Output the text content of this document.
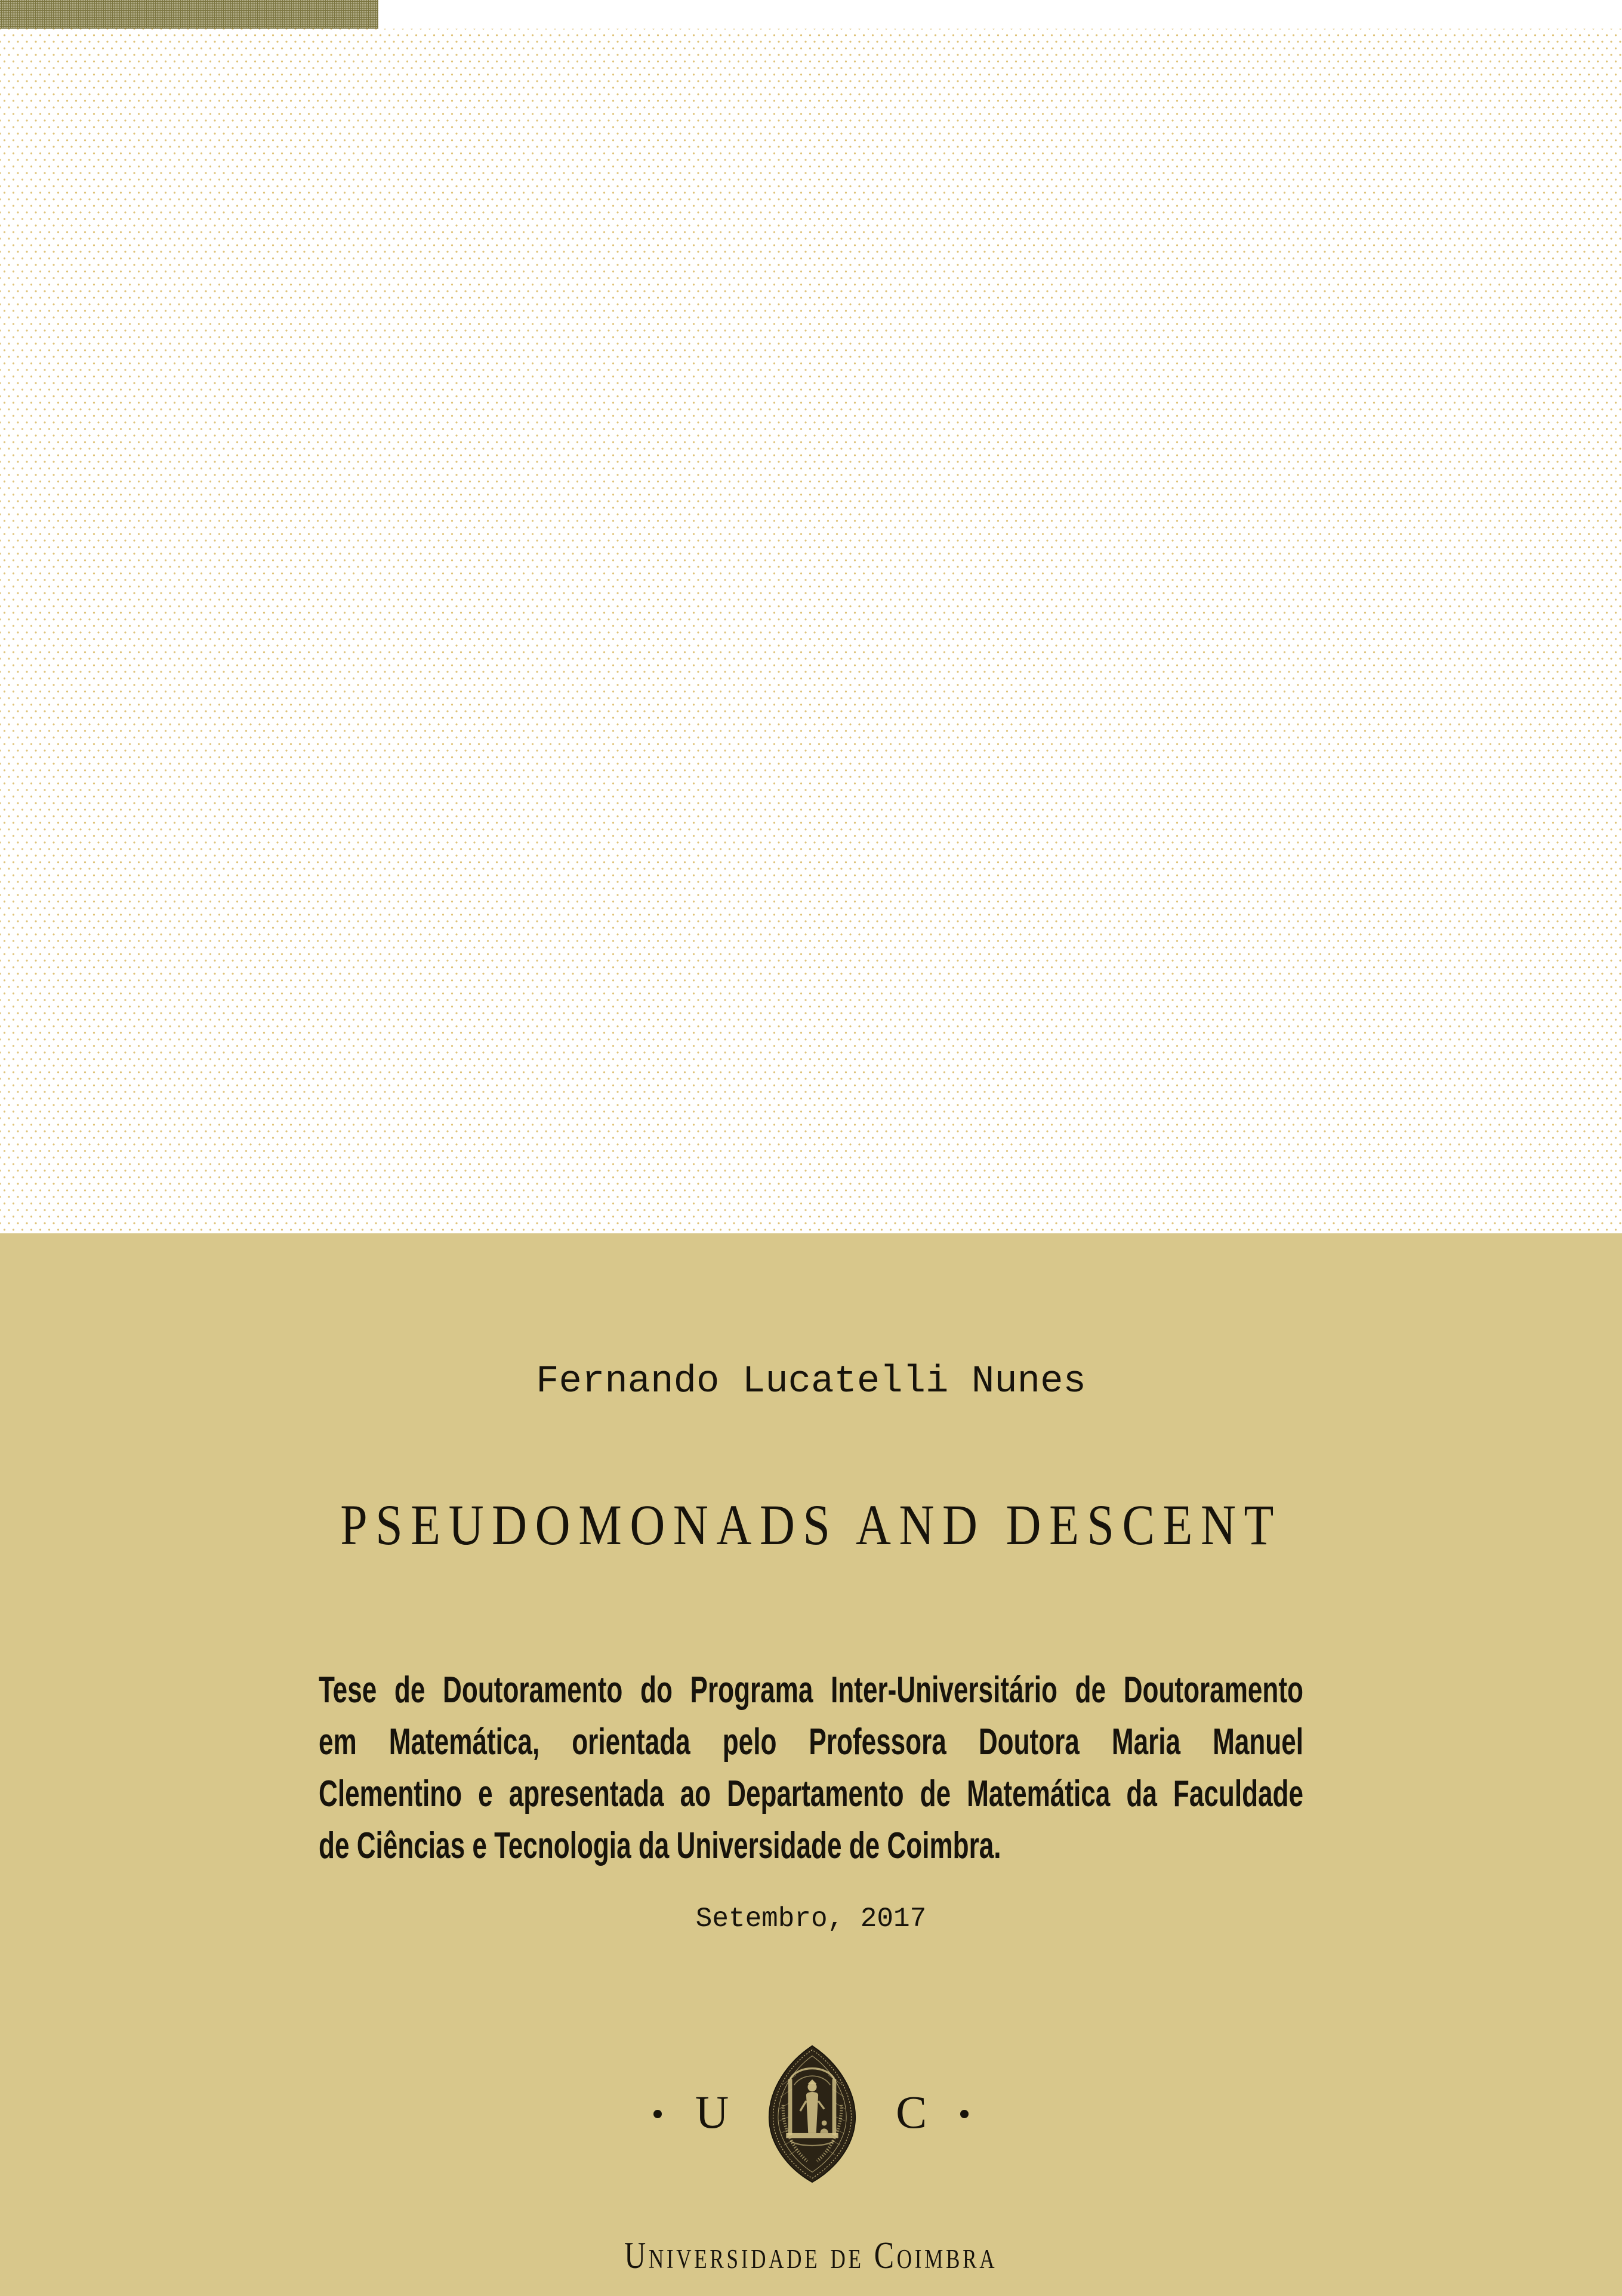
Fernando Lucatelli Nunes
PSEUDOMONADS AND DESCENT
Tese de Doutoramento do Programa Inter-Universitário de Doutoramento
em Matemática, orientada pelo Professora Doutora Maria Manuel
Clementino e apresentada ao Departamento de Matemática da Faculdade
de Ciências e Tecnologia da Universidade de Coimbra.
Setembro, 2017
U	C
Universidade de Coimbra
